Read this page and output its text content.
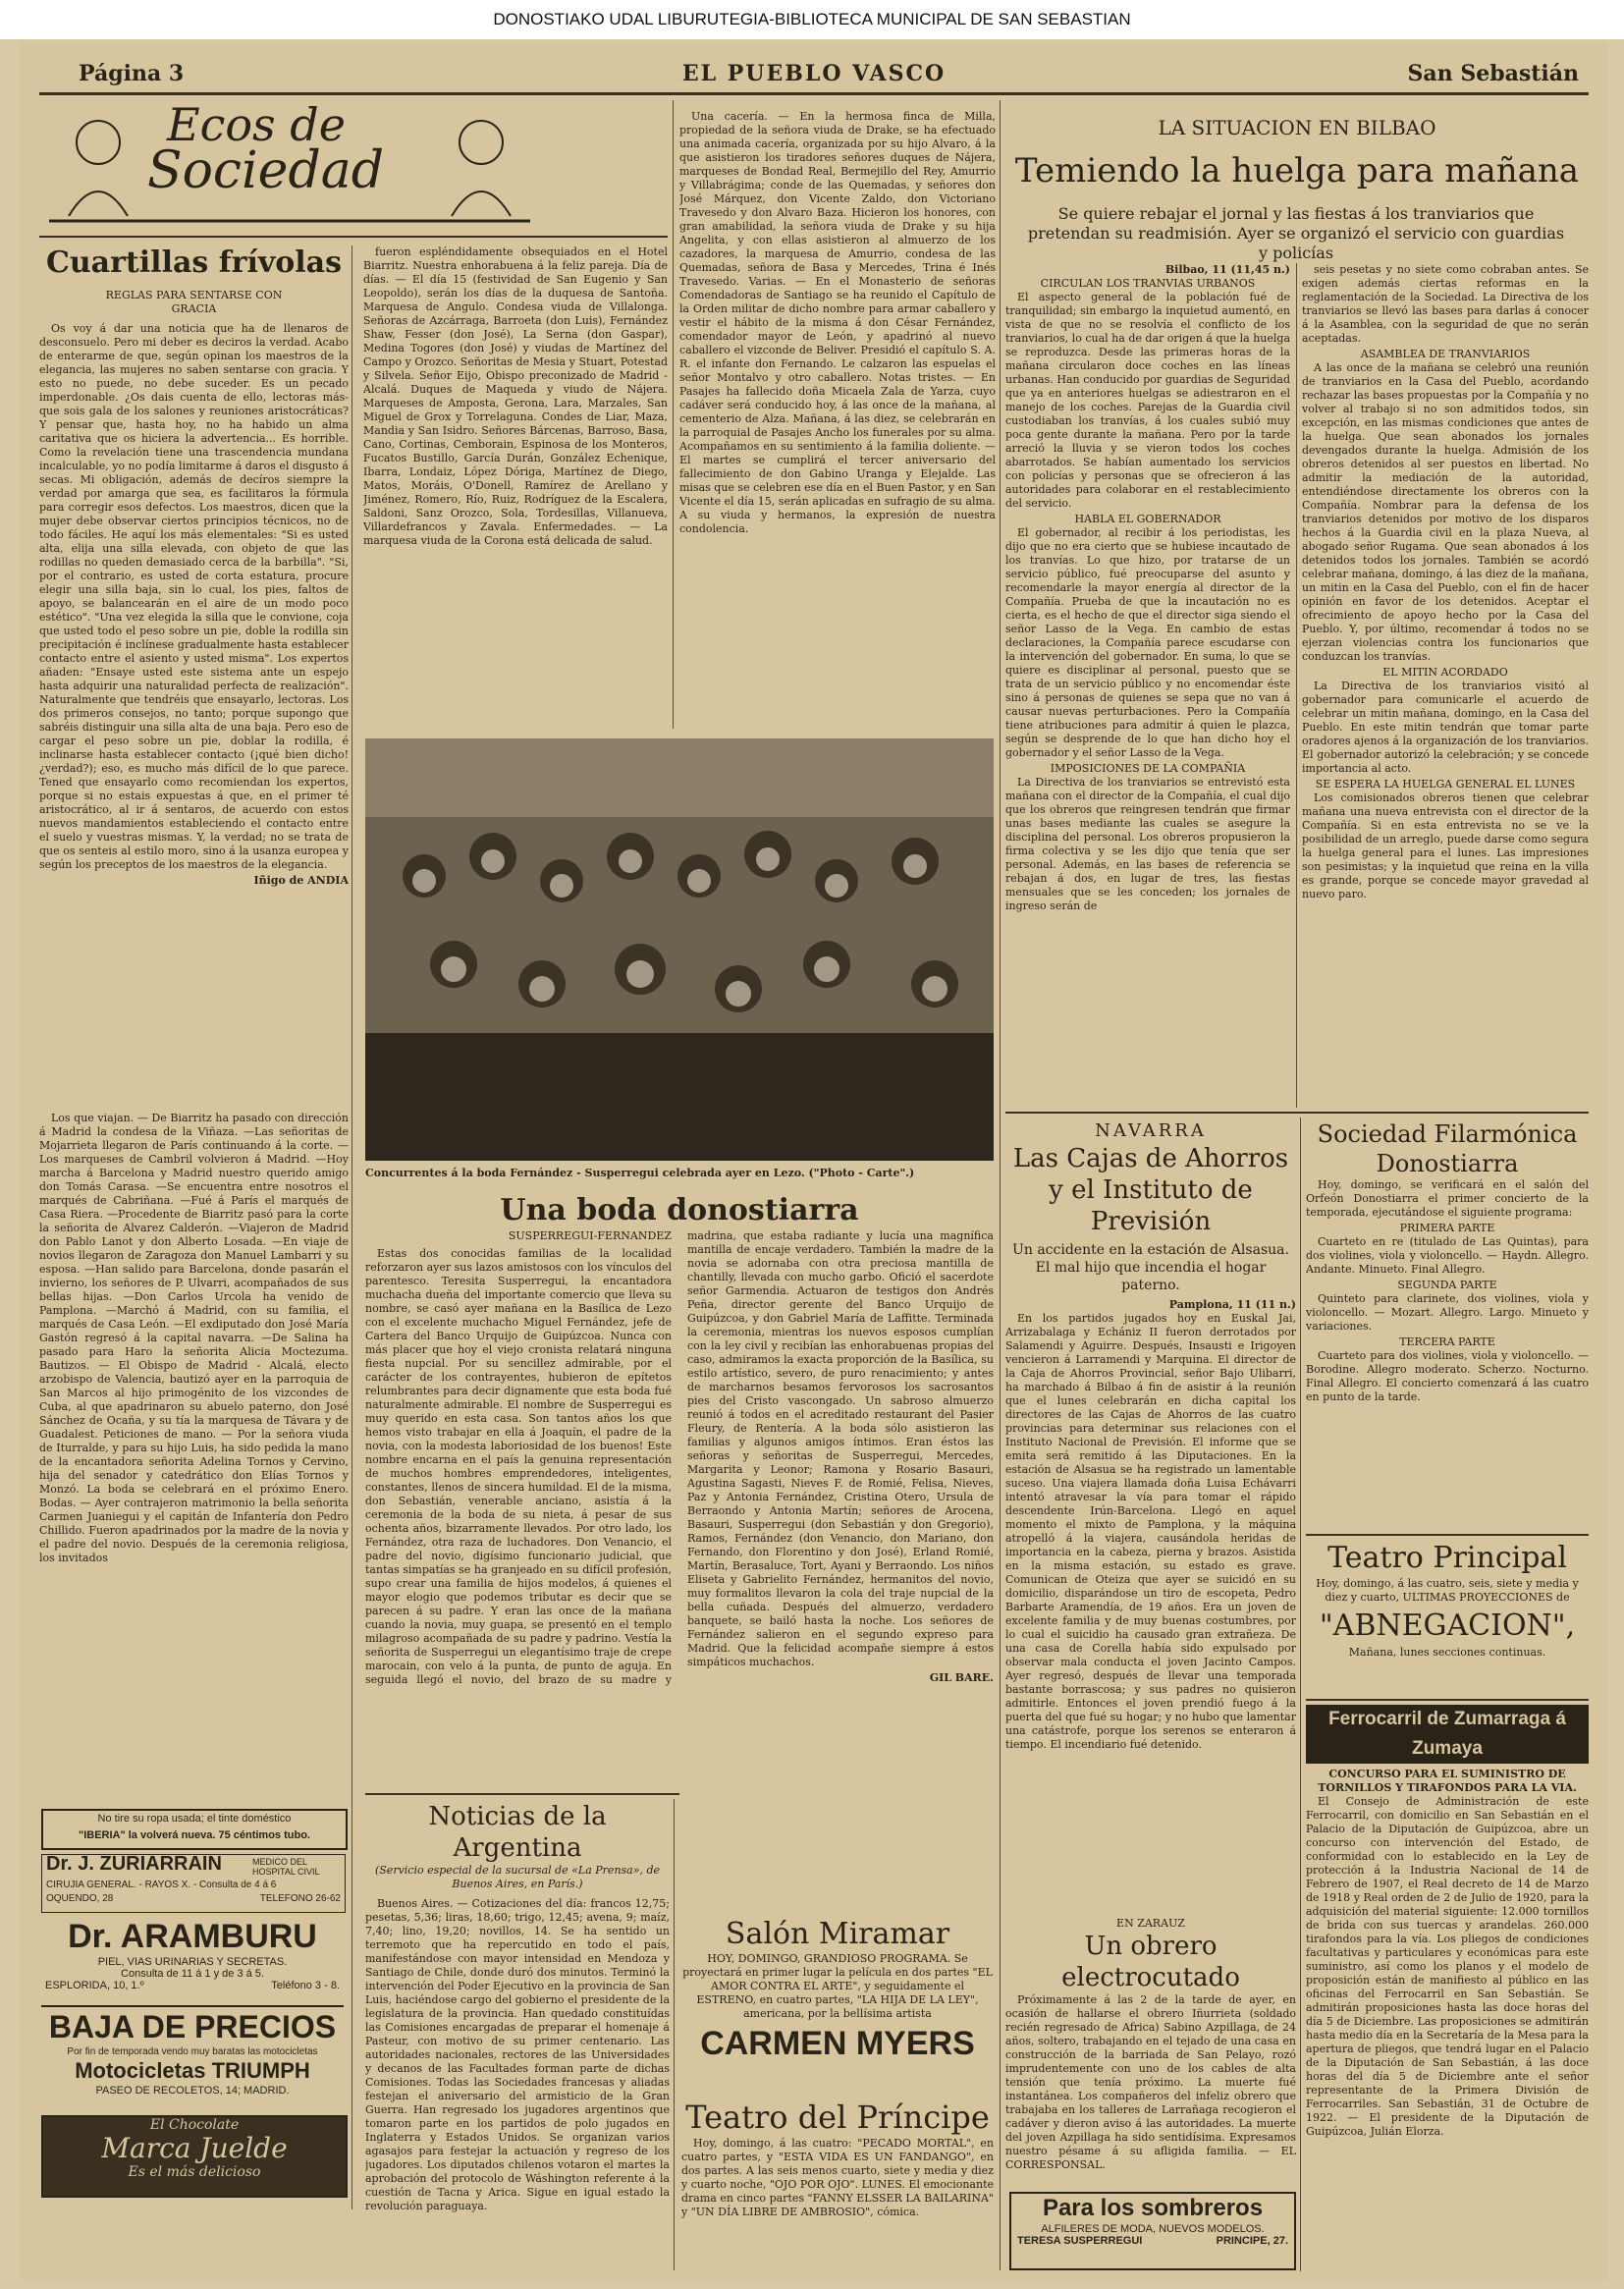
DONOSTIAKO UDAL LIBURUTEGIA-BIBLIOTECA MUNICIPAL DE SAN SEBASTIAN
Página 3	EL PUEBLO VASCO	San Sebastián
Ecos de
Sociedad
Cuartillas frívolas
REGLAS PARA SENTARSE CON GRACIA

Os voy á dar una noticia que ha de llenaros de desconsuelo. Pero mi deber es deciros la verdad. Acabo de enterarme de que, según opinan los maestros de la elegancia, las mujeres no saben sentarse con gracia. Y esto no puede, no debe suceder. Es un pecado imperdonable. ¿Os dais cuenta de ello, lectoras más-que sois gala de los salones y reuniones aristocráticas? Y pensar que, hasta hoy, no ha habido un alma caritativa que os hiciera la advertencia... Es horrible. Como la revelación tiene una trascendencia mundana incalculable, yo no podía limitarme á daros el disgusto á secas. Mi obligación, además de decíros siempre la verdad por amarga que sea, es facilitaros la fórmula para corregir esos defectos. Los maestros, dicen que la mujer debe observar ciertos principios técnicos, no de todo fáciles. He aquí los más elementales: "Si es usted alta, elija una silla elevada, con objeto de que las rodillas no queden demasiado cerca de la barbilla". "Si, por el contrario, es usted de corta estatura, procure elegir una silla baja, sin lo cual, los pies, faltos de apoyo, se balancearán en el aire de un modo poco estético". "Una vez elegida la silla que le convione, coja que usted todo el peso sobre un pie, doble la rodilla sin precipitación é inclínese gradualmente hasta establecer contacto entre el asiento y usted misma". Los expertos añaden: "Ensaye usted este sistema ante un espejo hasta adquirir una naturalidad perfecta de realización". Naturalmente que tendréis que ensayarlo, lectoras. Los dos primeros consejos, no tanto; porque supongo que sabréis distinguir una silla alta de una baja. Pero eso de cargar el peso sobre un pie, doblar la rodilla, é inclinarse hasta establecer contacto (¡qué bien dicho! ¿verdad?); eso, es mucho más difícil de lo que parece. Tened que ensayarlo como recomiendan los expertos, porque si no estais expuestas á que, en el primer té aristocrático, al ir á sentaros, de acuerdo con estos nuevos mandamientos estableciendo el contacto entre el suelo y vuestras mismas. Y, la verdad; no se trata de que os senteis al estilo moro, sino á la usanza europea y según los preceptos de los maestros de la elegancia.

Iñigo de ANDIA

Los que viajan. — De Biarritz ha pasado con dirección á Madrid la condesa de la Viñaza. —Las señoritas de Mojarrieta llegaron de París continuando á la corte. —Los marqueses de Cambril volvieron á Madrid. —Hoy marcha á Barcelona y Madrid nuestro querido amigo don Tomás Carasa. —Se encuentra entre nosotros el marqués de Cabriñana. —Fué á París el marqués de Casa Riera. —Procedente de Biarritz pasó para la corte la señorita de Alvarez Calderón. —Viajeron de Madrid don Pablo Lanot y don Alberto Losada. —En viaje de novios llegaron de Zaragoza don Manuel Lambarri y su esposa. —Han salido para Barcelona, donde pasarán el invierno, los señores de P. Ulvarri, acompañados de sus bellas hijas. —Don Carlos Urcola ha venido de Pamplona. —Marchó á Madrid, con su familia, el marqués de Casa León. —El exdiputado don José María Gastón regresó á la capital navarra. —De Salina ha pasado para Haro la señorita Alicia Moctezuma. Bautizos. — El Obispo de Madrid - Alcalá, electo arzobispo de Valencia, bautizó ayer en la parroquia de San Marcos al hijo primogénito de los vizcondes de Cuba, al que apadrinaron su abuelo paterno, don José Sánchez de Ocaña, y su tía la marquesa de Távara y de Guadalest. Peticiones de mano. — Por la señora viuda de Iturralde, y para su hijo Luis, ha sido pedida la mano de la encantadora señorita Adelina Tornos y Cervino, hija del senador y catedrático don Elías Tornos y Monzó. La boda se celebrará en el próximo Enero. Bodas. — Ayer contrajeron matrimonio la bella señorita Carmen Juaniegui y el capitán de Infantería don Pedro Chillido. Fueron apadrinados por la madre de la novia y el padre del novio. Después de la ceremonia religiosa, los invitados

No tire su ropa usada; el tinte doméstico
"IBERIA" la volverá nueva. 75 céntimos tubo.
Dr. J. ZURIARRAIN	MEDICO DEL HOSPITAL CIVIL
CIRUJIA GENERAL. - RAYOS X. - Consulta de 4 á 6
OQUENDO, 28	TELEFONO 26-62
Dr. ARAMBURU
PIEL, VIAS URINARIAS Y SECRETAS.
Consulta de 11 á 1 y de 3 á 5.
ESPLORIDA, 10, 1.º	Teléfono 3 - 8.
BAJA DE PRECIOS
Por fin de temporada vendo muy baratas las motocicletas
Motocicletas TRIUMPH
PASEO DE RECOLETOS, 14; MADRID.
El Chocolate
Marca Juelde
Es el más delicioso

fueron espléndidamente obsequiados en el Hotel Biarritz. Nuestra enhorabuena á la feliz pareja. Día de días. — El día 15 (festividad de San Eugenio y San Leopoldo), serán los días de la duquesa de Santoña. Marquesa de Angulo. Condesa viuda de Villalonga. Señoras de Azcárraga, Barroeta (don Luis), Fernández Shaw, Fesser (don José), La Serna (don Gaspar), Medina Togores (don José) y viudas de Martínez del Campo y Orozco. Señoritas de Mesia y Stuart, Potestad y Silvela. Señor Eijo, Obispo preconizado de Madrid - Alcalá. Duques de Maqueda y viudo de Nájera. Marqueses de Amposta, Gerona, Lara, Marzales, San Miguel de Grox y Torrelaguna. Condes de Liar, Maza, Mandia y San Isidro. Señores Bárcenas, Barroso, Basa, Cano, Cortinas, Cemborain, Espinosa de los Monteros, Fucatos Bustillo, García Durán, González Echenique, Ibarra, Londaiz, López Dóriga, Martínez de Diego, Matos, Moráis, O'Donell, Ramírez de Arellano y Jiménez, Romero, Río, Ruiz, Rodríguez de la Escalera, Saldoni, Sanz Orozco, Sola, Tordesillas, Villanueva, Villardefrancos y Zavala. Enfermedades. — La marquesa viuda de la Corona está delicada de salud.

Una cacería. — En la hermosa finca de Milla, propiedad de la señora viuda de Drake, se ha efectuado una animada cacería, organizada por su hijo Alvaro, á la que asistieron los tiradores señores duques de Nájera, marqueses de Bondad Real, Bermejillo del Rey, Amurrio y Villabrágima; conde de las Quemadas, y señores don José Márquez, don Vicente Zaldo, don Victoriano Travesedo y don Alvaro Baza. Hicieron los honores, con gran amabilidad, la señora viuda de Drake y su hija Angelita, y con ellas asistieron al almuerzo de los cazadores, la marquesa de Amurrio, condesa de las Quemadas, señora de Basa y Mercedes, Trina é Inés Travesedo. Varias. — En el Monasterio de señoras Comendadoras de Santiago se ha reunido el Capítulo de la Orden militar de dicho nombre para armar caballero y vestir el hábito de la misma á don César Fernández, comendador mayor de León, y apadrinó al nuevo caballero el vizconde de Beliver. Presidió el capítulo S. A. R. el infante don Fernando. Le calzaron las espuelas el señor Montalvo y otro caballero. Notas tristes. — En Pasajes ha fallecido doña Micaela Zala de Yarza, cuyo cadáver será conducido hoy, á las once de la mañana, al cementerio de Alza. Mañana, á las diez, se celebrarán en la parroquial de Pasajes Ancho los funerales por su alma. Acompañamos en su sentimiento á la familia doliente. —El martes se cumplirá el tercer aniversario del fallecimiento de don Gabino Uranga y Elejalde. Las misas que se celebren ese día en el Buen Pastor, y en San Vicente el día 15, serán aplicadas en sufragio de su alma. A su viuda y hermanos, la expresión de nuestra condolencia.

Concurrentes á la boda Fernández - Susperregui celebrada ayer en Lezo. ("Photo - Carte".)
Una boda donostiarra
SUSPERREGUI-FERNANDEZ

Estas dos conocidas familias de la localidad reforzaron ayer sus lazos amistosos con los vínculos del parentesco. Teresita Susperregui, la encantadora muchacha dueña del importante comercio que lleva su nombre, se casó ayer mañana en la Basílica de Lezo con el excelente muchacho Miguel Fernández, jefe de Cartera del Banco Urquijo de Guipúzcoa. Nunca con más placer que hoy el viejo cronista relatará ninguna fiesta nupcial. Por su sencillez admirable, por el carácter de los contrayentes, hubieron de epítetos relumbrantes para decir dignamente que esta boda fué naturalmente admirable. El nombre de Susperregui es muy querido en esta casa. Son tantos años los que hemos visto trabajar en ella á Joaquín, el padre de la novia, con la modesta laboriosidad de los buenos! Este nombre encarna en el país la genuina representación de muchos hombres emprendedores, inteligentes, constantes, llenos de sincera humildad. El de la misma, don Sebastián, venerable anciano, asistía á la ceremonia de la boda de su nieta, á pesar de sus ochenta años, bizarramente llevados. Por otro lado, los Fernández, otra raza de luchadores. Don Venancio, el padre del novio, digísimo funcionario judicial, que tantas simpatías se ha granjeado en su difícil profesión, supo crear una familia de hijos modelos, á quienes el mayor elogio que podemos tributar es decir que se parecen á su padre. Y eran las once de la mañana cuando la novia, muy guapa, se presentó en el templo milagroso acompañada de su padre y padrino. Vestía la señorita de Susperregui un elegantísimo traje de crepe marocain, con velo á la punta, de punto de aguja. En seguida llegó el novio, del brazo de su madre y madrina, que estaba radiante y lucía una magnífica mantilla de encaje verdadero. También la madre de la novia se adornaba con otra preciosa mantilla de chantilly, llevada con mucho garbo. Ofició el sacerdote señor Garmendia. Actuaron de testigos don Andrés Peña, director gerente del Banco Urquijo de Guipúzcoa, y don Gabriel María de Laffitte. Terminada la ceremonia, mientras los nuevos esposos cumplían con la ley civil y recibían las enhorabuenas propias del caso, admiramos la exacta proporción de la Basílica, su estilo artístico, severo, de puro renacimiento; y antes de marcharnos besamos fervorosos los sacrosantos pies del Cristo vascongado. Un sabroso almuerzo reunió á todos en el acreditado restaurant del Pasier Fleury, de Rentería. A la boda sólo asistieron las familias y algunos amigos íntimos. Eran éstos las señoras y señoritas de Susperregui, Mercedes, Margarita y Leonor; Ramona y Rosario Basauri, Agustina Sagasti, Nieves F. de Romié, Felisa, Nieves, Paz y Antonia Fernández, Cristina Otero, Ursula de Berraondo y Antonia Martín; señores de Arocena, Basauri, Susperregui (don Sebastián y don Gregorio), Ramos, Fernández (don Venancio, don Mariano, don Fernando, don Florentino y don José), Erland Romié, Martín, Berasaluce, Tort, Ayani y Berraondo. Los niños Eliseta y Gabrielito Fernández, hermanitos del novio, muy formalitos llevaron la cola del traje nupcial de la bella cuñada. Después del almuerzo, verdadero banquete, se bailó hasta la noche. Los señores de Fernández salieron en el segundo expreso para Madrid. Que la felicidad acompañe siempre á estos simpáticos muchachos.

GIL BARE.
Noticias de la Argentina
(Servicio especial de la sucursal de «La Prensa», de Buenos Aires, en París.)

Buenos Aires. — Cotizaciones del día: francos 12,75; pesetas, 5,36; liras, 18,60; trigo, 12,45; avena, 9; maíz, 7,40; lino, 19,20; novillos, 14. Se ha sentido un terremoto que ha repercutido en todo el país, manifestándose con mayor intensidad en Mendoza y Santiago de Chile, donde duró dos minutos. Terminó la intervención del Poder Ejecutivo en la provincia de San Luis, haciéndose cargo del gobierno el presidente de la legislatura de la provincia. Han quedado constituídas las Comisiones encargadas de preparar el homenaje á Pasteur, con motivo de su primer centenario. Las autoridades nacionales, rectores de las Universidades y decanos de las Facultades forman parte de dichas Comisiones. Todas las Sociedades francesas y aliadas festejan el aniversario del armisticio de la Gran Guerra. Han regresado los jugadores argentinos que tomaron parte en los partidos de polo jugados en Inglaterra y Estados Unidos. Se organizan varios agasajos para festejar la actuación y regreso de los jugadores. Los diputados chilenos votaron el martes la aprobación del protocolo de Wáshington referente á la cuestión de Tacna y Arica. Sigue en igual estado la revolución paraguaya.

Salón Miramar

HOY, DOMINGO, GRANDIOSO PROGRAMA. Se proyectará en primer lugar la película en dos partes "EL AMOR CONTRA EL ARTE", y seguidamente el ESTRENO, en cuatro partes, "LA HIJA DE LA LEY", americana, por la bellísima artista

CARMEN MYERS
Teatro del Príncipe

Hoy, domingo, á las cuatro: "PECADO MORTAL", en cuatro partes, y "ESTA VIDA ES UN FANDANGO", en dos partes. A las seis menos cuarto, siete y media y diez y cuarto noche, "OJO POR OJO". LUNES. El emocionante drama en cinco partes "FANNY ELSSER LA BAILARINA" y "UN DÍA LIBRE DE AMBROSIO", cómica.

LA SITUACION EN BILBAO
Temiendo la huelga para mañana
Se quiere rebajar el jornal y las fiestas á los tranviarios que pretendan su readmisión. Ayer se organizó el servicio con guardias y policías
Bilbao, 11 (11,45 n.)
CIRCULAN LOS TRANVIAS URBANOS

El aspecto general de la población fué de tranquilidad; sin embargo la inquietud aumentó, en vista de que no se resolvía el conflicto de los tranviarios, lo cual ha de dar origen á que la huelga se reproduzca. Desde las primeras horas de la mañana circularon doce coches en las líneas urbanas. Han conducido por guardias de Seguridad que ya en anteriores huelgas se adiestraron en el manejo de los coches. Parejas de la Guardia civil custodiaban los tranvías, á los cuales subió muy poca gente durante la mañana. Pero por la tarde arreció la lluvia y se vieron todos los coches abarrotados. Se habían aumentado los servicios con policías y personas que se ofrecieron á las autoridades para colaborar en el restablecimiento del servicio.

HABLA EL GOBERNADOR

El gobernador, al recibir á los periodistas, les dijo que no era cierto que se hubiese incautado de los tranvías. Lo que hizo, por tratarse de un servicio público, fué preocuparse del asunto y recomendarle la mayor energía al director de la Compañía. Prueba de que la incautación no es cierta, es el hecho de que el director siga siendo el señor Lasso de la Vega. En cambio de estas declaraciones, la Compañía parece escudarse con la intervención del gobernador. En suma, lo que se quiere es disciplinar al personal, puesto que se trata de un servicio público y no encomendar éste sino á personas de quienes se sepa que no van á causar nuevas perturbaciones. Pero la Compañía tiene atribuciones para admitir á quien le plazca, según se desprende de lo que han dicho hoy el gobernador y el señor Lasso de la Vega.

IMPOSICIONES DE LA COMPAÑIA

La Directiva de los tranviarios se entrevistó esta mañana con el director de la Compañía, el cual dijo que los obreros que reingresen tendrán que firmar unas bases mediante las cuales se asegure la disciplina del personal. Los obreros propusieron la firma colectiva y se les dijo que tenía que ser personal. Además, en las bases de referencia se rebajan á dos, en lugar de tres, las fiestas mensuales que se les conceden; los jornales de ingreso serán de

seis pesetas y no siete como cobraban antes. Se exigen además ciertas reformas en la reglamentación de la Sociedad. La Directiva de los tranviarios se llevó las bases para darlas á conocer á la Asamblea, con la seguridad de que no serán aceptadas.

ASAMBLEA DE TRANVIARIOS

A las once de la mañana se celebró una reunión de tranviarios en la Casa del Pueblo, acordando rechazar las bases propuestas por la Compañía y no volver al trabajo si no son admitidos todos, sin excepción, en las mismas condiciones que antes de la huelga. Que sean abonados los jornales devengados durante la huelga. Admisión de los obreros detenidos al ser puestos en libertad. No admitir la mediación de la autoridad, entendiéndose directamente los obreros con la Compañía. Nombrar para la defensa de los tranviarios detenidos por motivo de los disparos hechos á la Guardia civil en la plaza Nueva, al abogado señor Rugama. Que sean abonados á los detenidos todos los jornales. También se acordó celebrar mañana, domingo, á las diez de la mañana, un mitin en la Casa del Pueblo, con el fin de hacer opinión en favor de los detenidos. Aceptar el ofrecimiento de apoyo hecho por la Casa del Pueblo. Y, por último, recomendar á todos no se ejerzan violencias contra los funcionarios que conduzcan los tranvías.

EL MITIN ACORDADO

La Directiva de los tranviarios visitó al gobernador para comunicarle el acuerdo de celebrar un mitin mañana, domingo, en la Casa del Pueblo. En este mitin tendrán que tomar parte oradores ajenos á la organización de los tranviarios. El gobernador autorizó la celebración; y se concede importancia al acto.

SE ESPERA LA HUELGA GENERAL EL LUNES

Los comisionados obreros tienen que celebrar mañana una nueva entrevista con el director de la Compañía. Si en esta entrevista no se ve la posibilidad de un arreglo, puede darse como segura la huelga general para el lunes. Las impresiones son pesimistas; y la inquietud que reina en la villa es grande, porque se concede mayor gravedad al nuevo paro.

NAVARRA
Las Cajas de Ahorros y el Instituto de Previsión
Un accidente en la estación de Alsasua. El mal hijo que incendia el hogar paterno.
Pamplona, 11 (11 n.)

En los partidos jugados hoy en Euskal Jai, Arrizabalaga y Echániz II fueron derrotados por Salamendi y Aguirre. Después, Insausti e Irigoyen vencieron á Larramendi y Marquina. El director de la Caja de Ahorros Provincial, señor Bajo Ulibarri, ha marchado á Bilbao á fin de asistir á la reunión que el lunes celebrarán en dicha capital los directores de las Cajas de Ahorros de las cuatro provincias para determinar sus relaciones con el Instituto Nacional de Previsión. El informe que se emita será remitido á las Diputaciones. En la estación de Alsasua se ha registrado un lamentable suceso. Una viajera llamada doña Luisa Echávarri intentó atravesar la vía para tomar el rápido descendente Irún-Barcelona. Llegó en aquel momento el mixto de Pamplona, y la máquina atropelló á la viajera, causándola heridas de importancia en la cabeza, pierna y brazos. Asistida en la misma estación, su estado es grave. Comunican de Oteiza que ayer se suicidó en su domicilio, disparándose un tiro de escopeta, Pedro Barbarte Aramendía, de 19 años. Era un joven de excelente familia y de muy buenas costumbres, por lo cual el suicidio ha causado gran extrañeza. De una casa de Corella había sido expulsado por observar mala conducta el joven Jacinto Campos. Ayer regresó, después de llevar una temporada bastante borrascosa; y sus padres no quisieron admitirle. Entonces el joven prendió fuego á la puerta del que fué su hogar; y no hubo que lamentar una catástrofe, porque los serenos se enteraron á tiempo. El incendiario fué detenido.

EN ZARAUZ
Un obrero electrocutado

Próximamente á las 2 de la tarde de ayer, en ocasión de hallarse el obrero Iñurrieta (soldado recién regresado de Africa) Sabino Azpillaga, de 24 años, soltero, trabajando en el tejado de una casa en construcción de la barriada de San Pelayo, rozó imprudentemente con uno de los cables de alta tensión que tenía próximo. La muerte fué instantánea. Los compañeros del infeliz obrero que trabajaba en los talleres de Larrañaga recogieron el cadáver y dieron aviso á las autoridades. La muerte del joven Azpillaga ha sido sentidísima. Expresamos nuestro pésame á su afligida familia. — EL CORRESPONSAL.

Para los sombreros
ALFILERES DE MODA, NUEVOS MODELOS.
TERESA SUSPERREGUI	PRINCIPE, 27.
Sociedad Filarmónica Donostiarra

Hoy, domingo, se verificará en el salón del Orfeón Donostiarra el primer concierto de la temporada, ejecutándose el siguiente programa:

PRIMERA PARTE

Cuarteto en re (titulado de Las Quintas), para dos violines, viola y violoncello. — Haydn. Allegro. Andante. Minueto. Final Allegro.

SEGUNDA PARTE

Quinteto para clarinete, dos violines, viola y violoncello. — Mozart. Allegro. Largo. Minueto y variaciones.

TERCERA PARTE

Cuarteto para dos violines, viola y violoncello. — Borodine. Allegro moderato. Scherzo. Nocturno. Final Allegro. El concierto comenzará á las cuatro en punto de la tarde.

Teatro Principal

Hoy, domingo, á las cuatro, seis, siete y media y diez y cuarto, ULTIMAS PROYECCIONES de

"ABNEGACION",
Mañana, lunes secciones continuas.
Ferrocarril de Zumarraga á Zumaya
CONCURSO PARA EL SUMINISTRO DE TORNILLOS Y TIRAFONDOS PARA LA VIA.

El Consejo de Administración de este Ferrocarril, con domicilio en San Sebastián en el Palacio de la Diputación de Guipúzcoa, abre un concurso con intervención del Estado, de conformidad con lo establecido en la Ley de protección á la Industria Nacional de 14 de Febrero de 1907, el Real decreto de 14 de Marzo de 1918 y Real orden de 2 de Julio de 1920, para la adquisición del material siguiente: 12.000 tornillos de brida con sus tuercas y arandelas. 260.000 tirafondos para la vía. Los pliegos de condiciones facultativas y particulares y económicas para este suministro, así como los planos y el modelo de proposición están de manifiesto al público en las oficinas del Ferrocarril en San Sebastián. Se admitirán proposiciones hasta las doce horas del día 5 de Diciembre. Las proposiciones se admitirán hasta medio día en la Secretaría de la Mesa para la apertura de pliegos, que tendrá lugar en el Palacio de la Diputación de San Sebastián, á las doce horas del día 5 de Diciembre ante el señor representante de la Primera División de Ferrocarriles. San Sebastián, 31 de Octubre de 1922. — El presidente de la Diputación de Guipúzcoa, Julián Elorza.
